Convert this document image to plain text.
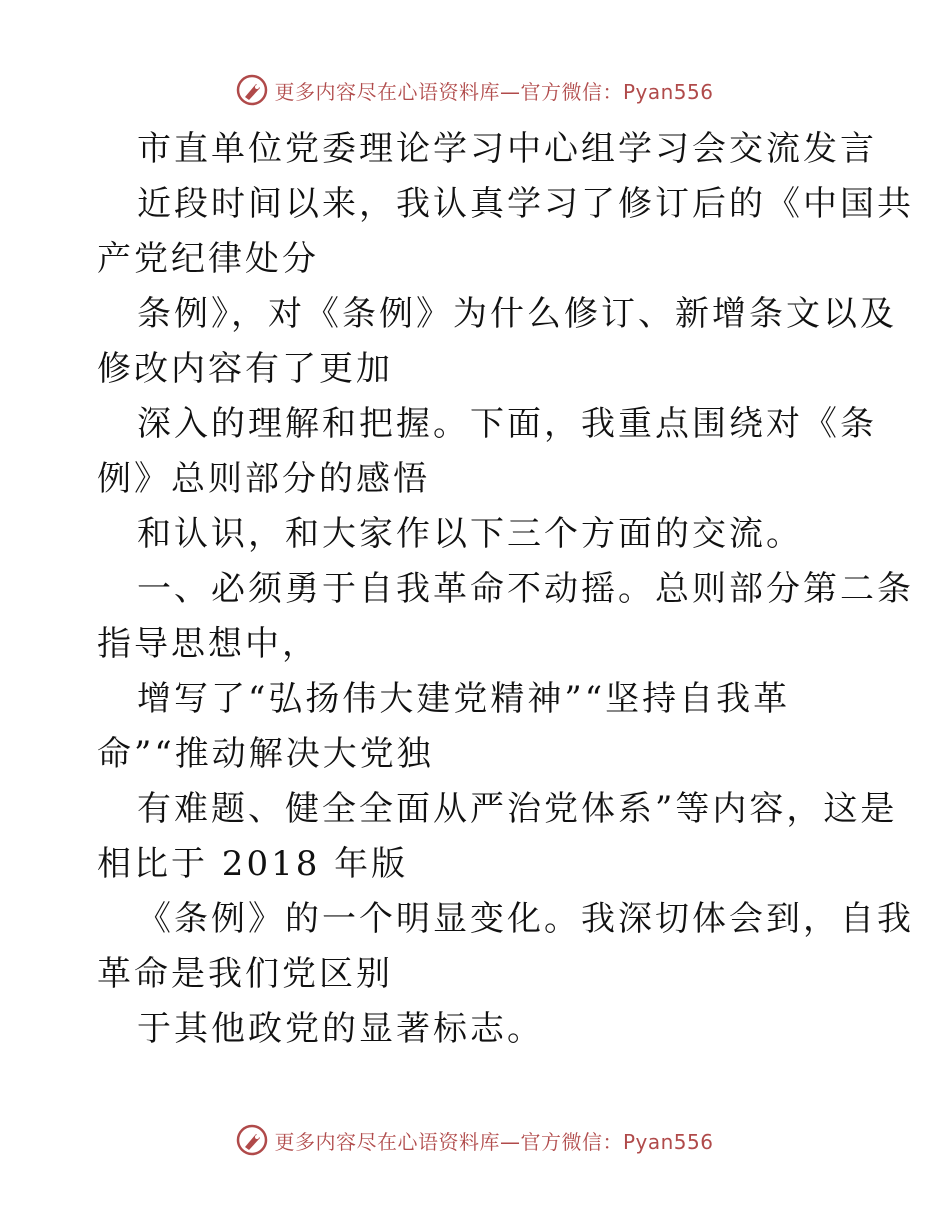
更多内容尽在心语资料库—官方微信：Pyan556
市直单位党委理论学习中心组学习会交流发言
近段时间以来，我认真学习了修订后的《中国共
产党纪律处分
条例》，对《条例》为什么修订、新增条文以及
修改内容有了更加
深入的理解和把握。下面，我重点围绕对《条
例》总则部分的感悟
和认识，和大家作以下三个方面的交流。
一、必须勇于自我革命不动摇。总则部分第二条
指导思想中，
增写了“弘扬伟大建党精神”“坚持自我革
命”“推动解决大党独
有难题、健全全面从严治党体系”等内容，这是
相比于 2018 年版
《条例》的一个明显变化。我深切体会到，自我
革命是我们党区别
于其他政党的显著标志。
更多内容尽在心语资料库—官方微信：Pyan556
